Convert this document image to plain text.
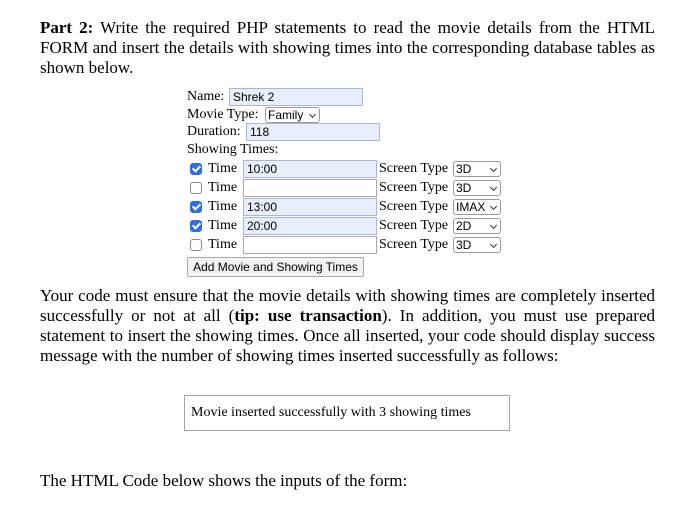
Part 2: Write the required PHP statements to read the movie details from the HTML FORM and insert the details with showing times into the corresponding database tables as shown below.

Name: Shrek 2
Movie Type: Family
Duration: 118
Showing Times:
Time 10:00	Screen Type 3D
Time	Screen Type 3D
Time 13:00	Screen Type IMAX
Time 20:00	Screen Type 2D
Time	Screen Type 3D
Add Movie and Showing Times

Your code must ensure that the movie details with showing times are completely inserted successfully or not at all (tip: use transaction). In addition, you must use prepared statement to insert the showing times. Once all inserted, your code should display success message with the number of showing times inserted successfully as follows:

Movie inserted successfully with 3 showing times

The HTML Code below shows the inputs of the form:
